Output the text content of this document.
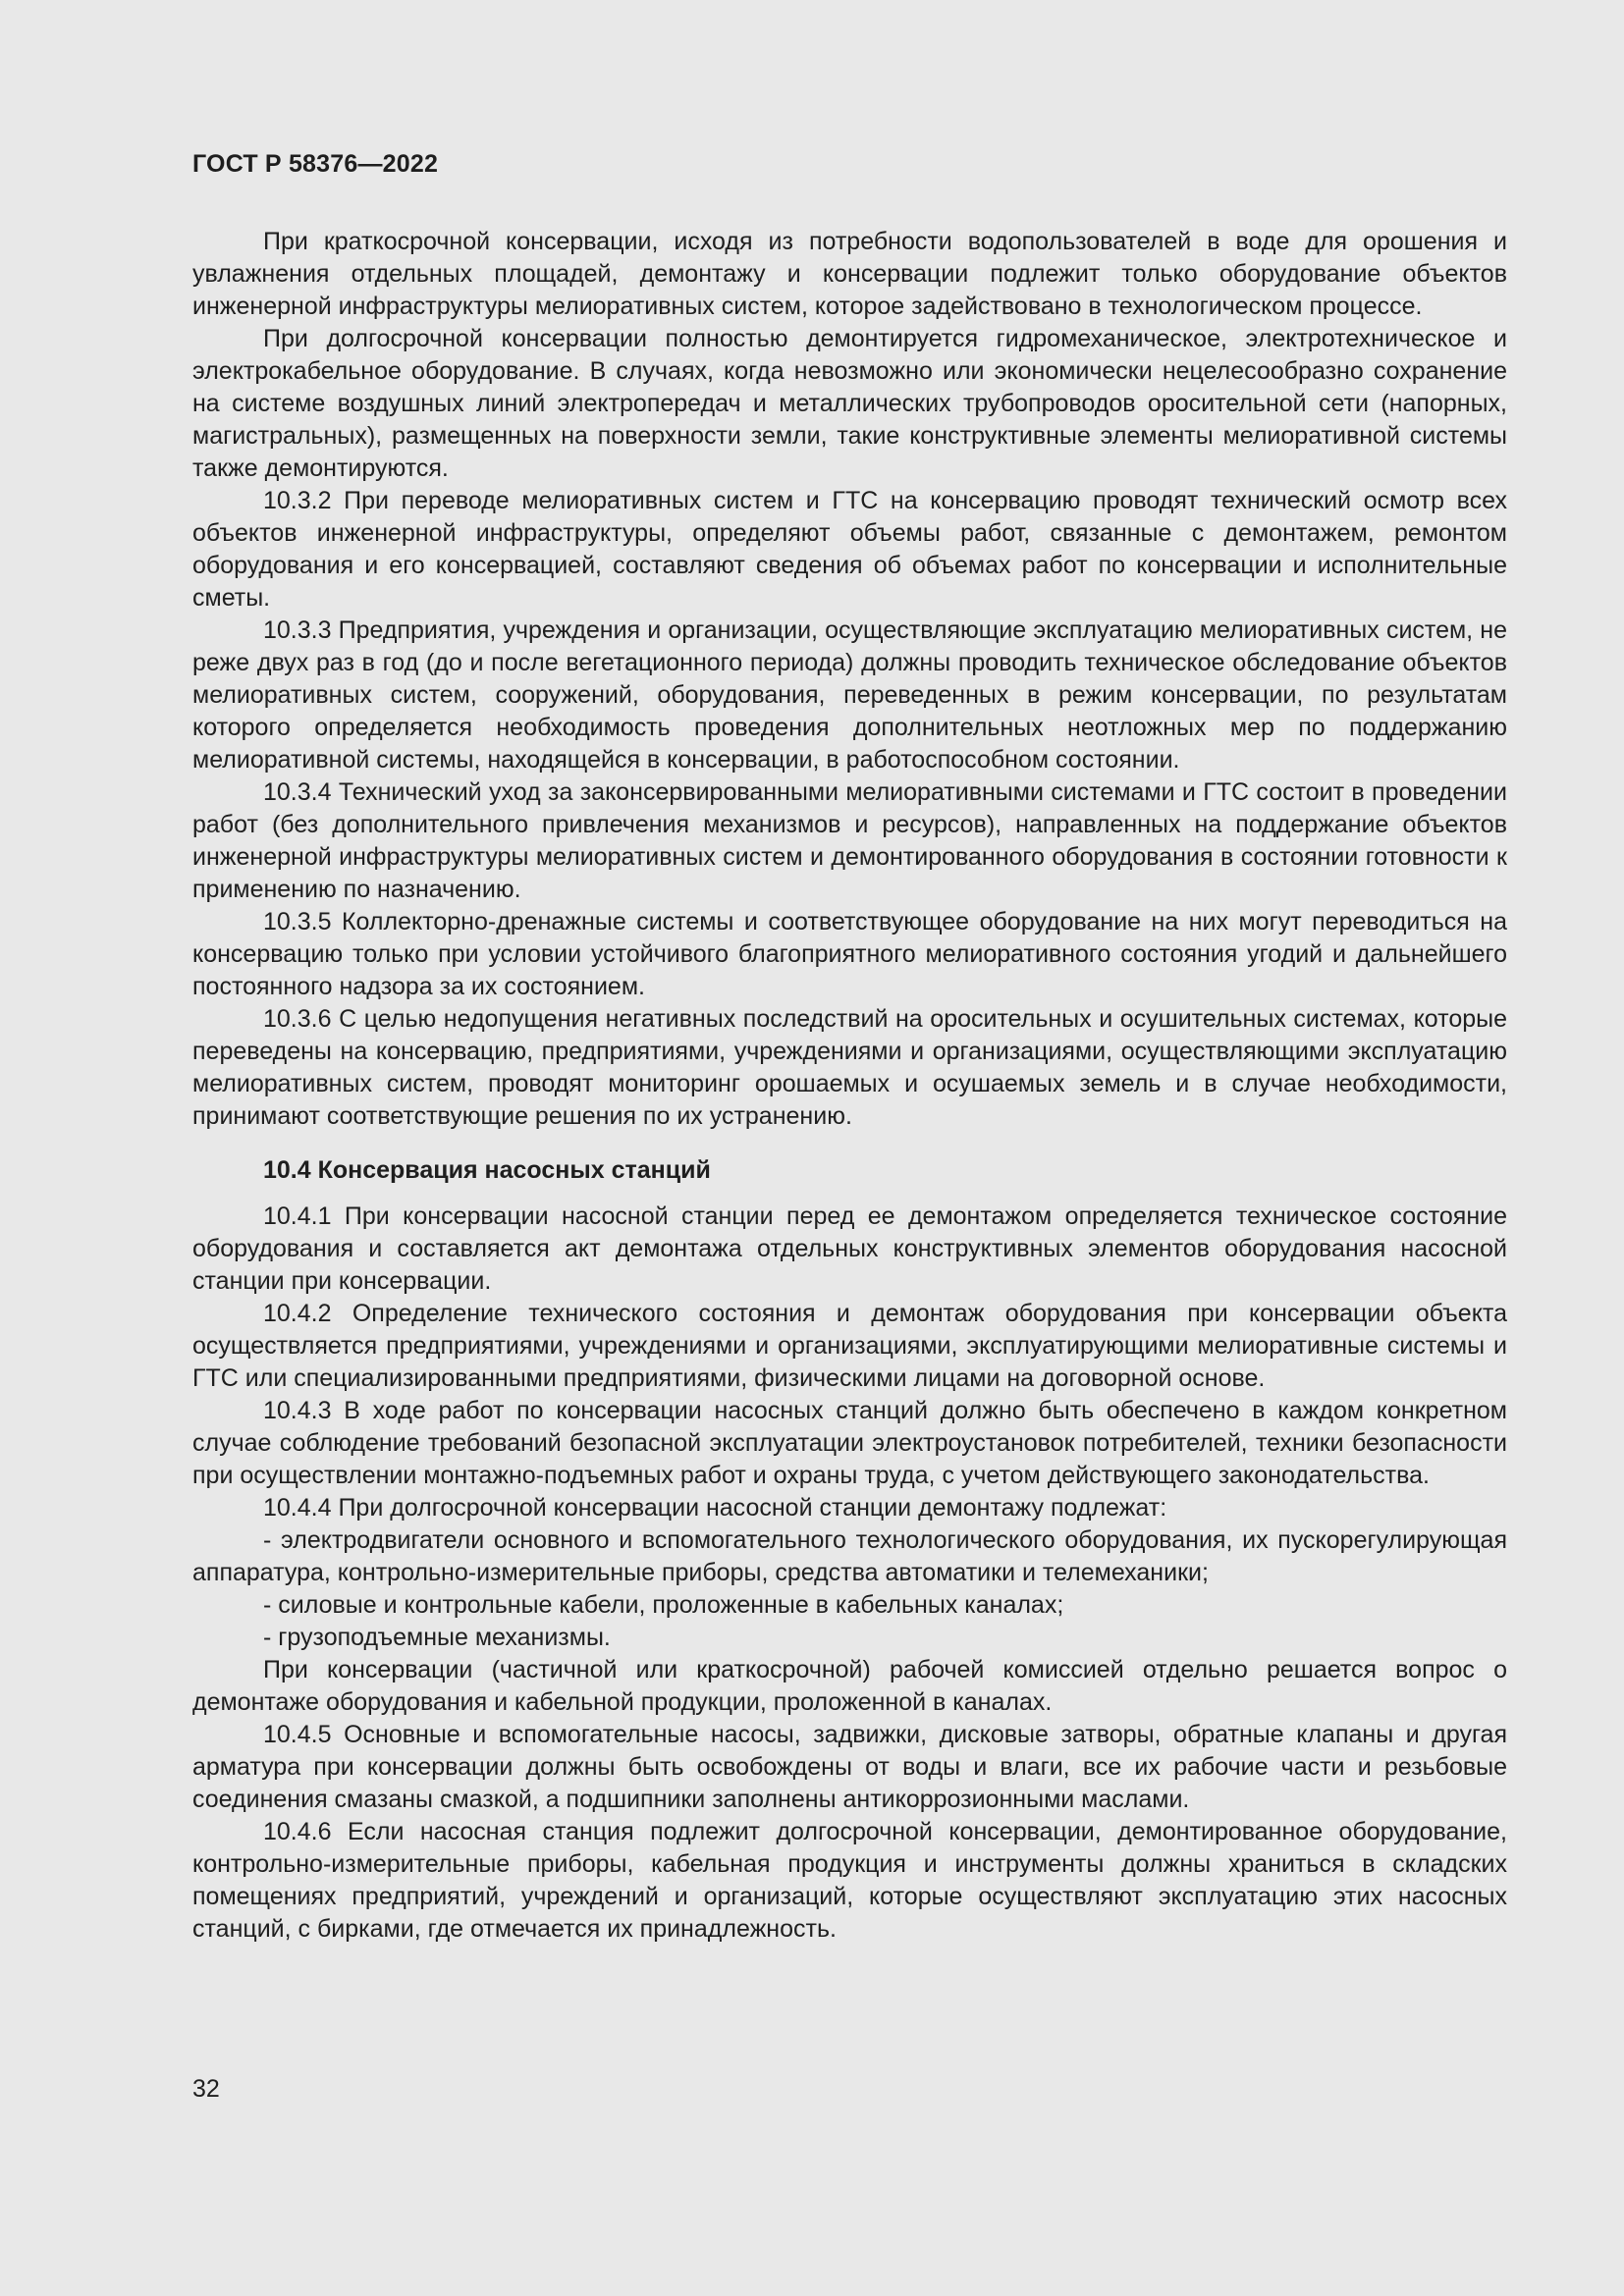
ГОСТ Р 58376—2022

При краткосрочной консервации, исходя из потребности водопользователей в воде для орошения и увлажнения отдельных площадей, демонтажу и консервации подлежит только оборудование объектов инженерной инфраструктуры мелиоративных систем, которое задействовано в технологическом процессе.

При долгосрочной консервации полностью демонтируется гидромеханическое, электротехническое и электрокабельное оборудование. В случаях, когда невозможно или экономически нецелесообразно сохранение на системе воздушных линий электропередач и металлических трубопроводов оросительной сети (напорных, магистральных), размещенных на поверхности земли, такие конструктивные элементы мелиоративной системы также демонтируются.

10.3.2 При переводе мелиоративных систем и ГТС на консервацию проводят технический осмотр всех объектов инженерной инфраструктуры, определяют объемы работ, связанные с демонтажем, ремонтом оборудования и его консервацией, составляют сведения об объемах работ по консервации и исполнительные сметы.

10.3.3 Предприятия, учреждения и организации, осуществляющие эксплуатацию мелиоративных систем, не реже двух раз в год (до и после вегетационного периода) должны проводить техническое обследование объектов мелиоративных систем, сооружений, оборудования, переведенных в режим консервации, по результатам которого определяется необходимость проведения дополнительных неотложных мер по поддержанию мелиоративной системы, находящейся в консервации, в работоспособном состоянии.

10.3.4 Технический уход за законсервированными мелиоративными системами и ГТС состоит в проведении работ (без дополнительного привлечения механизмов и ресурсов), направленных на поддержание объектов инженерной инфраструктуры мелиоративных систем и демонтированного оборудования в состоянии готовности к применению по назначению.

10.3.5 Коллекторно-дренажные системы и соответствующее оборудование на них могут переводиться на консервацию только при условии устойчивого благоприятного мелиоративного состояния угодий и дальнейшего постоянного надзора за их состоянием.

10.3.6 С целью недопущения негативных последствий на оросительных и осушительных системах, которые переведены на консервацию, предприятиями, учреждениями и организациями, осуществляющими эксплуатацию мелиоративных систем, проводят мониторинг орошаемых и осушаемых земель и в случае необходимости, принимают соответствующие решения по их устранению.

10.4 Консервация насосных станций

10.4.1 При консервации насосной станции перед ее демонтажом определяется техническое состояние оборудования и составляется акт демонтажа отдельных конструктивных элементов оборудования насосной станции при консервации.

10.4.2 Определение технического состояния и демонтаж оборудования при консервации объекта осуществляется предприятиями, учреждениями и организациями, эксплуатирующими мелиоративные системы и ГТС или специализированными предприятиями, физическими лицами на договорной основе.

10.4.3 В ходе работ по консервации насосных станций должно быть обеспечено в каждом конкретном случае соблюдение требований безопасной эксплуатации электроустановок потребителей, техники безопасности при осуществлении монтажно-подъемных работ и охраны труда, с учетом действующего законодательства.

10.4.4 При долгосрочной консервации насосной станции демонтажу подлежат:

- электродвигатели основного и вспомогательного технологического оборудования, их пускорегулирующая аппаратура, контрольно-измерительные приборы, средства автоматики и телемеханики;

- силовые и контрольные кабели, проложенные в кабельных каналах;

- грузоподъемные механизмы.

При консервации (частичной или краткосрочной) рабочей комиссией отдельно решается вопрос о демонтаже оборудования и кабельной продукции, проложенной в каналах.

10.4.5 Основные и вспомогательные насосы, задвижки, дисковые затворы, обратные клапаны и другая арматура при консервации должны быть освобождены от воды и влаги, все их рабочие части и резьбовые соединения смазаны смазкой, а подшипники заполнены антикоррозионными маслами.

10.4.6 Если насосная станция подлежит долгосрочной консервации, демонтированное оборудование, контрольно-измерительные приборы, кабельная продукция и инструменты должны храниться в складских помещениях предприятий, учреждений и организаций, которые осуществляют эксплуатацию этих насосных станций, с бирками, где отмечается их принадлежность.

32
